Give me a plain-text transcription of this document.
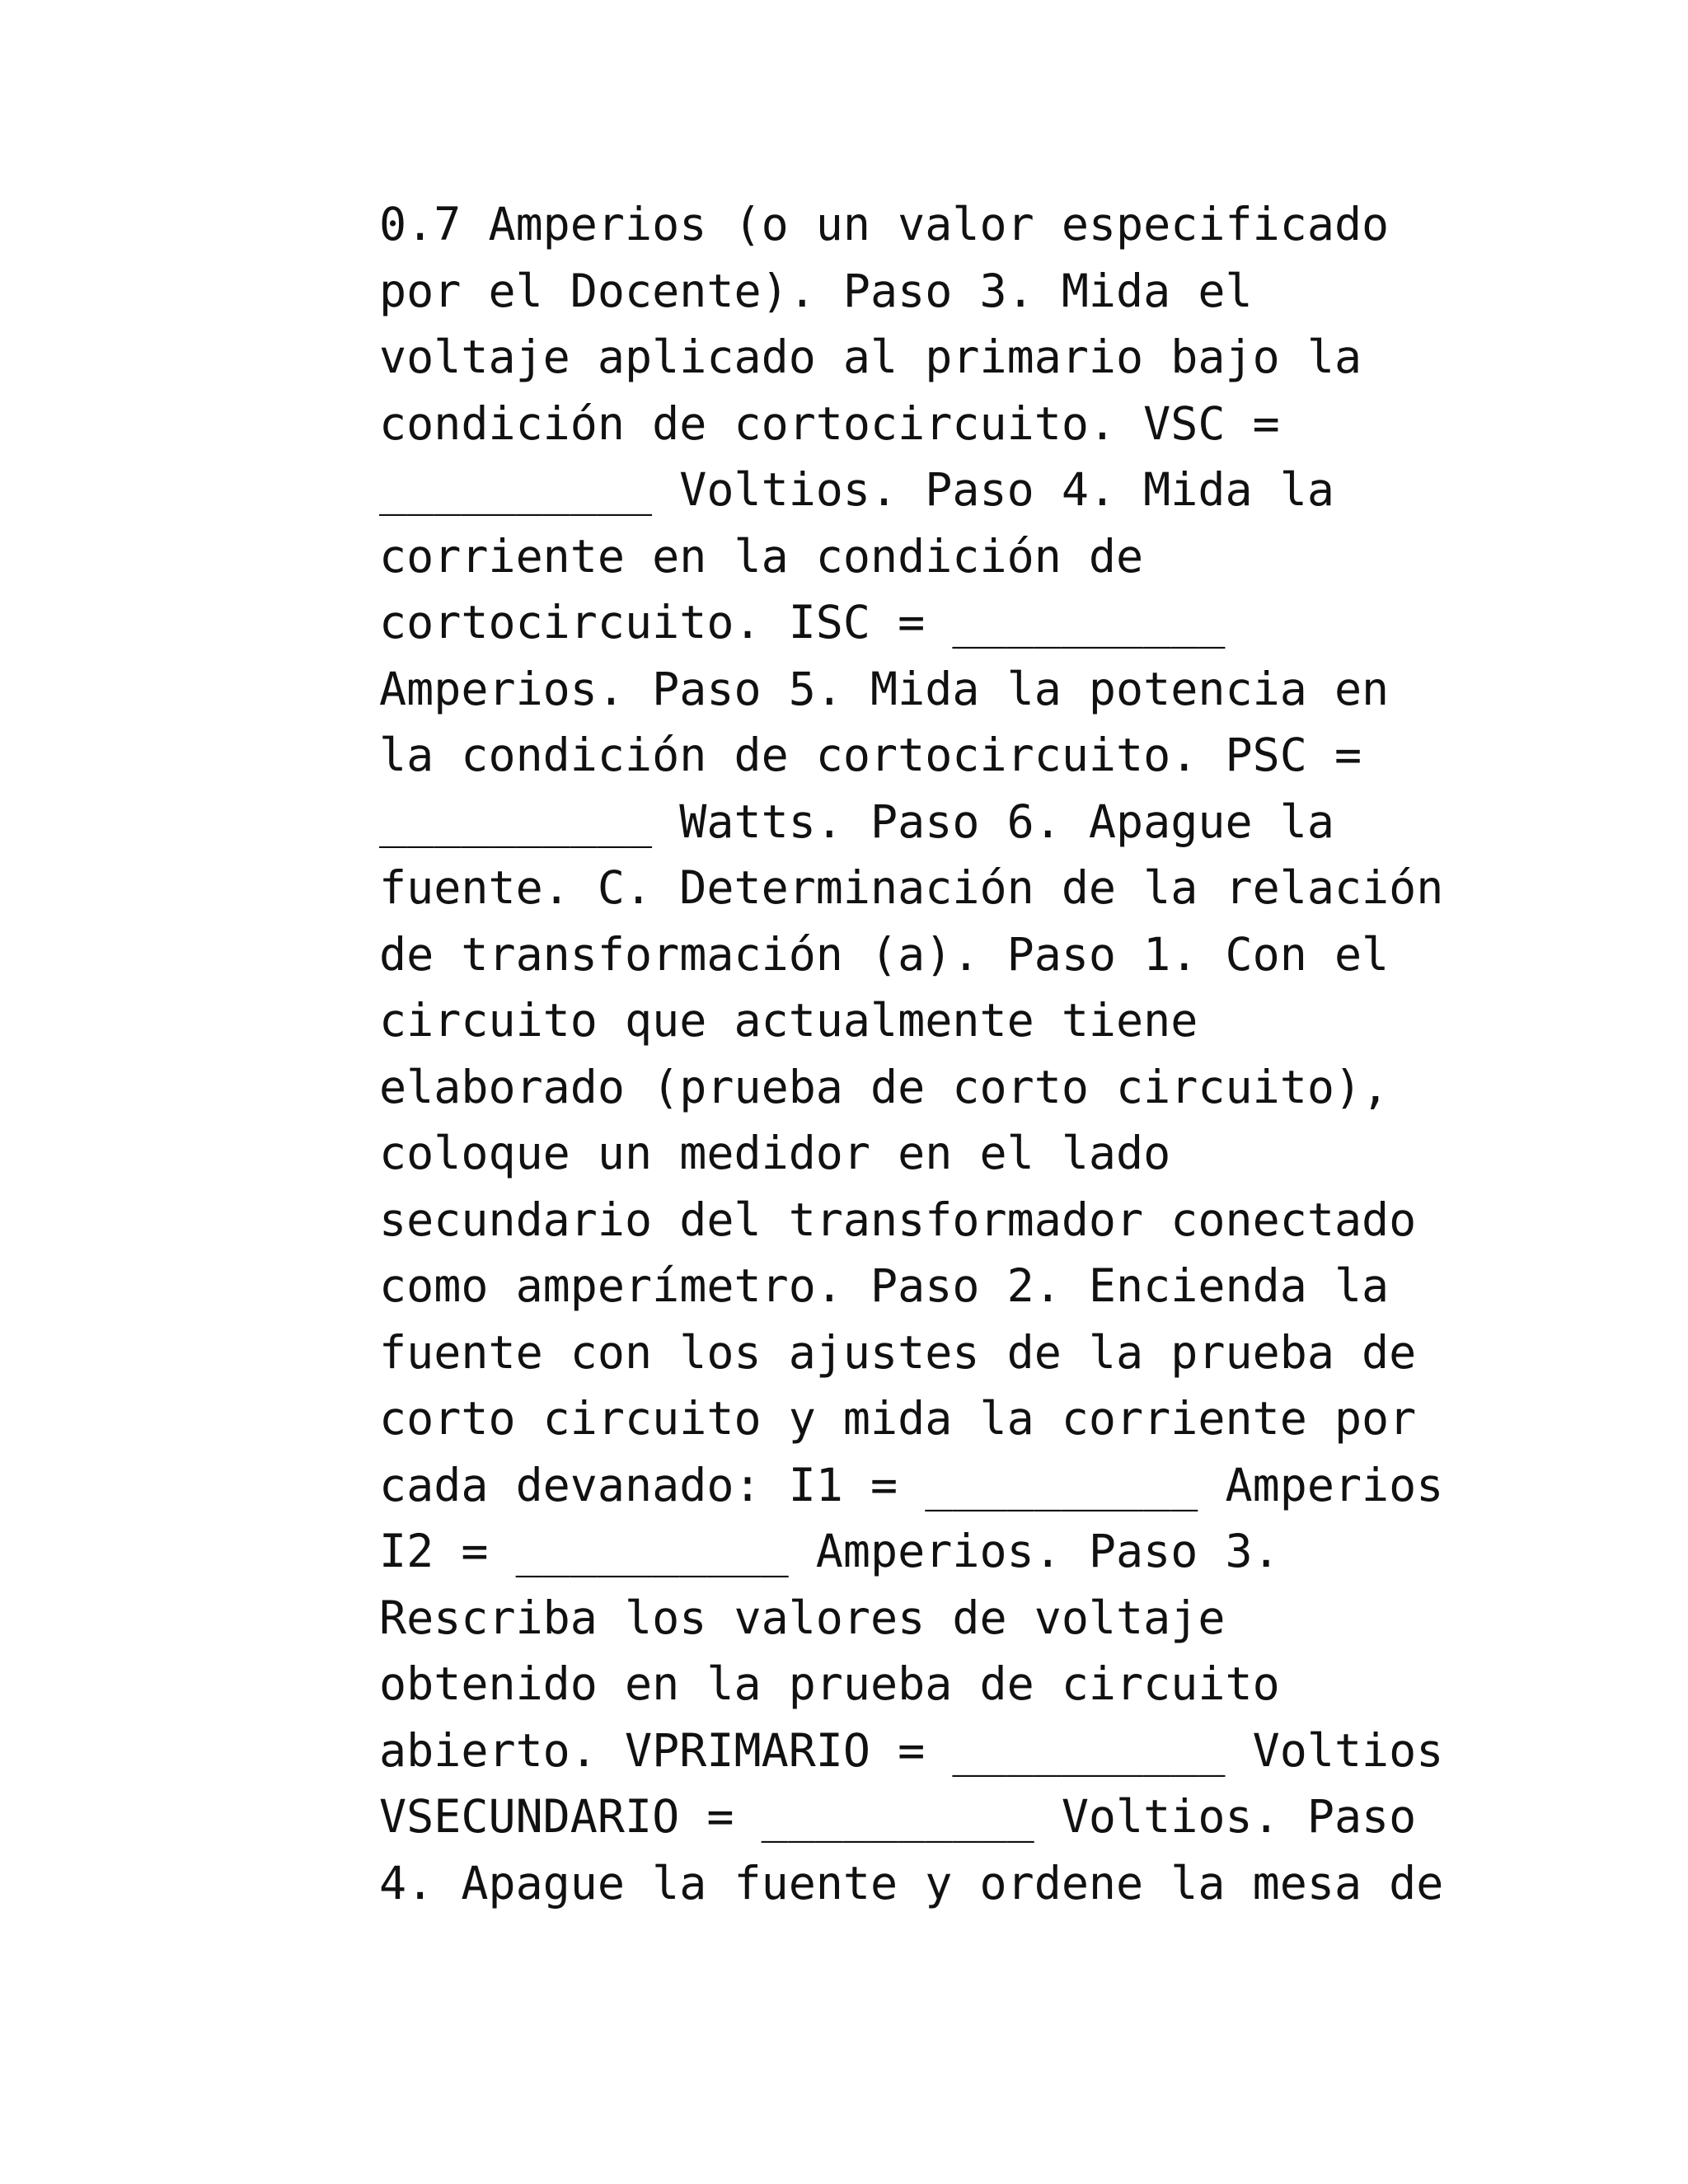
0.7 Amperios (o un valor especificado
por el Docente). Paso 3. Mida el
voltaje aplicado al primario bajo la
condición de cortocircuito. VSC =
__________ Voltios. Paso 4. Mida la
corriente en la condición de
cortocircuito. ISC = __________
Amperios. Paso 5. Mida la potencia en
la condición de cortocircuito. PSC =
__________ Watts. Paso 6. Apague la
fuente. C. Determinación de la relación
de transformación (a). Paso 1. Con el
circuito que actualmente tiene
elaborado (prueba de corto circuito),
coloque un medidor en el lado
secundario del transformador conectado
como amperímetro. Paso 2. Encienda la
fuente con los ajustes de la prueba de
corto circuito y mida la corriente por
cada devanado: I1 = __________ Amperios
I2 = __________ Amperios. Paso 3.
Rescriba los valores de voltaje
obtenido en la prueba de circuito
abierto. VPRIMARIO = __________ Voltios
VSECUNDARIO = __________ Voltios. Paso
4. Apague la fuente y ordene la mesa de
